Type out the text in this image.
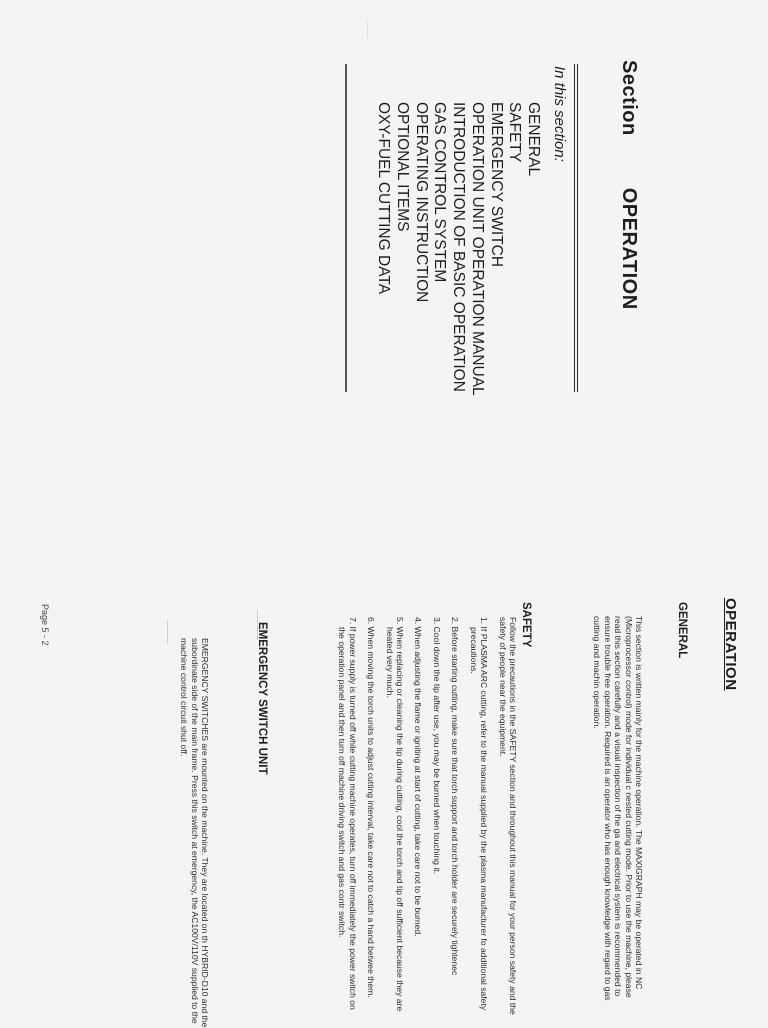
SectionOPERATION

In this section:

GENERAL
SAFETY
EMERGENCY SWITCH
OPERATION UNIT OPERATION MANUAL
INTRODUCTION OF BASIC OPERATION
GAS CONTROL SYSTEM
OPERATING INSTRUCTION
OPTIONAL ITEMS
OXY-FUEL CUTTING DATA
OPERATION
GENERAL

This section is written mainly for the machine operation. The MAXIGRAPH may be operated in NC (Microprocessor control) mode for individual c nested cutting mode. Prior to use the machine, please read this section carefully and a visual inspection of the ga and electrical system is recommended to ensure trouble free operation. Required is an operator who has enough knowledge with regard to gas cutting and machin operation.

SAFETY

Follow the precautions in the SAFETY section and throughout this manual for your person safety and the safety of people near the equipment.

1. If PLASMA ARC cutting, refer to the manual supplied by the plasma manufacturer fo additional safety precautions.
2. Before starting cutting, make sure that torch support and torch holder are securely tightenec
3. Cool down the tip after use, you may be burned when touching it.
4. When adjusting the flame or igniting at start of cutting, take care not to be burned.
5. When replacing or cleaning the tip during cutting, cool the torch and tip off sufficient because they are heated very much.
6. When moving the torch units to adjust cutting interval, take care not to catch a hand betwee them.
7. If power supply is turned off while cutting machine operates, turn off immediately the power switch on the operation panel and then turn off machine driving switch and gas contr switch.
EMERGENCY SWITCH UNIT

EMERGENCY SWITCHES are mounted on the machine. They are located on th HYBRID-D10 and the subordinate side of the main frame. Press this switch at emergency, the AC100V/110V supplied to the machine control circuit shut off.

Page 5 - 2
